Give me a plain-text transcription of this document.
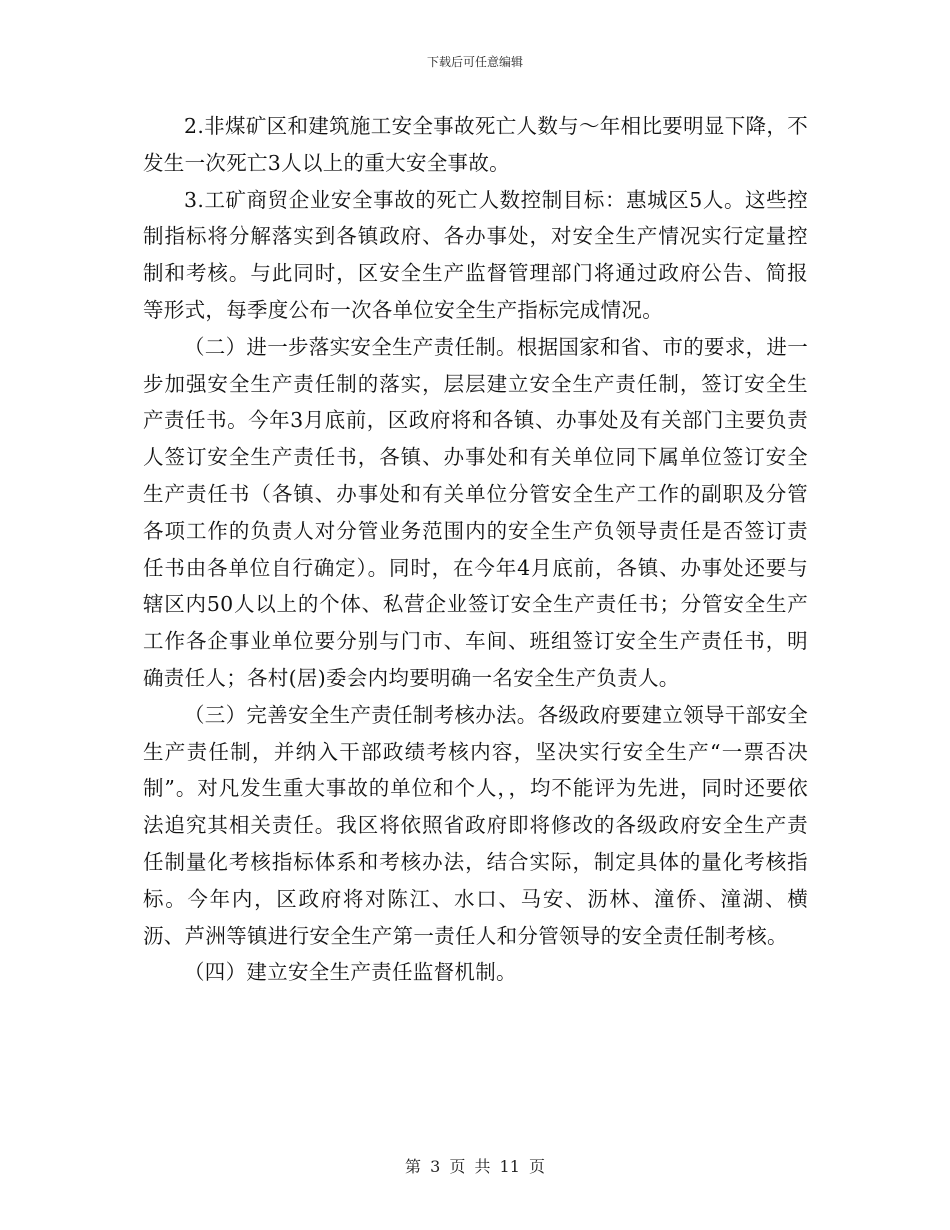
下载后可任意编辑

2.非煤矿区和建筑施工安全事故死亡人数与～年相比要明显下降，不发生一次死亡3人以上的重大安全事故。

3.工矿商贸企业安全事故的死亡人数控制目标：惠城区5人。这些控制指标将分解落实到各镇政府、各办事处，对安全生产情况实行定量控制和考核。与此同时，区安全生产监督管理部门将通过政府公告、简报等形式，每季度公布一次各单位安全生产指标完成情况。

（二）进一步落实安全生产责任制。根据国家和省、市的要求，进一步加强安全生产责任制的落实，层层建立安全生产责任制，签订安全生产责任书。今年3月底前，区政府将和各镇、办事处及有关部门主要负责人签订安全生产责任书，各镇、办事处和有关单位同下属单位签订安全生产责任书（各镇、办事处和有关单位分管安全生产工作的副职及分管各项工作的负责人对分管业务范围内的安全生产负领导责任是否签订责任书由各单位自行确定）。同时，在今年4月底前，各镇、办事处还要与辖区内50人以上的个体、私营企业签订安全生产责任书；分管安全生产工作各企事业单位要分别与门市、车间、班组签订安全生产责任书，明确责任人；各村(居)委会内均要明确一名安全生产负责人。

（三）完善安全生产责任制考核办法。各级政府要建立领导干部安全生产责任制，并纳入干部政绩考核内容，坚决实行安全生产“一票否决制”。对凡发生重大事故的单位和个人，，均不能评为先进，同时还要依法追究其相关责任。我区将依照省政府即将修改的各级政府安全生产责任制量化考核指标体系和考核办法，结合实际，制定具体的量化考核指标。今年内，区政府将对陈江、水口、马安、沥林、潼侨、潼湖、横沥、芦洲等镇进行安全生产第一责任人和分管领导的安全责任制考核。

（四）建立安全生产责任监督机制。

第 3 页 共 11 页
